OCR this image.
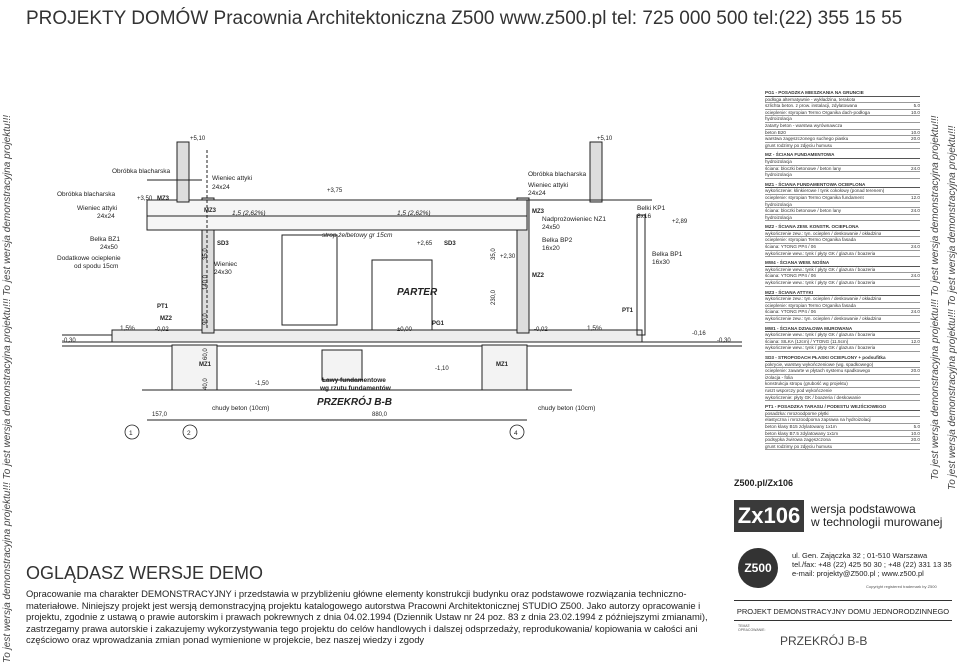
PROJEKTY DOMÓW Pracownia Architektoniczna Z500 www.z500.pl tel: 725 000 500 tel:(22) 355 15 55
To jest wersja demonstracyjna projektu!!! To jest wersja demonstracyjna projektu!!! To jest wersja demonstracyjna projektu!!!	To jest wersja demonstracyjna projektu!!! To jest wersja demonstracyjna projektu!!! To jest wersja demonstracyjna projektu!!! To jest wersja demonstracyjna projektu!!!
1	2	4
Obróbka blacharska
Obróbka blacharska
Obróbka blacharska
Wieniec attyki
24x24
Wieniec attyki
24x24	Wieniec attyki
24x24
Wieniec
24x30
Belka BZ1
24x50
Belka BP2
16x20
Belki KP1
8x16
Belka BP1
16x30
Dodatkowe ocieplenie
od spodu 15cm
Nadprożowieniec NZ1
24x50
strop żelbetowy gr 15cm
Ławy fundamentowe
wg rzutu fundamentów
chudy beton (10cm)	chudy beton (10cm)
1,5 (2,62%)	1,5 (2,62%)
1,5%	1,5%
PARTER
PRZEKRÓJ B-B
MZ3
MZ3
SD3
PT1
MZ2
MZ1
PG1
MZ3
MZ2
MZ1
PT1
SD3
+5,10	+5,10
+3,75
+3,50
+2,89
+2,65
+2,30
±0,00
-0,02	-0,02
-0,16
-0,30	-0,30
-1,10
-1,50
157,0	880,0
140,0
90,0
35,0
230,0
35,0
60,0
40,0
PG1 - POSADZKA MIESZKANIA NA GRUNCIE
podłoga alternatywnie - wykładzina, terakota
szlichta beton. z prow. instalacji, zdylatowana	5.0
ocieplenie: styropian Termo Organika dach-podłoga	10.0
hydroizolacja
zatarty beton - warstwa wyrównawcza
beton B20	10.0
warstwa zagęszczonego suchego piasku	20.0
grunt rodzimy po zdjęciu humusu
MZ - ŚCIANA FUNDAMENTOWA
hydroizolacja
ściana: bloczki betonowe / beton lany	24.0
hydroizolacja
MZ1 - ŚCIANA FUNDAMENTOWA OCIEPLONA
wykończenie: klinkierowe / tynk cokołowy (ponad terenem)
ocieplenie: styropian Termo Organika fundament	12.0
hydroizolacja
ściana: bloczki betonowe / beton lany	24.0
hydroizolacja
MZ2 - ŚCIANA ZEW. KONSTR. OCIEPLONA
wykończenie zew.: tyn. ocieplen / deskowanie / okładzina
ocieplenie: styropian Termo Organika fasada
ściana: YTONG PP4 / 06	24.0
wykończenie wew.: tynk / płyty GK / glazura / boazeria
MW4 - ŚCIANA WEW. NOŚNA
wykończenie wew.: tynk / płyty GK / glazura / boazeria
ściana: YTONG PP4 / 06	24.0
wykończenie wew.: tynk / płyty GK / glazura / boazeria
MZ3 - ŚCIANA ATTYKI
wykończenie zew.: tyn. ocieplen / deskowanie / okładzina
ocieplenie: styropian Termo Organika fasada
ściana: YTONG PP4 / 06	24.0
wykończenie zew.: tyn. ocieplen / deskowanie / okładzina
MW1 - ŚCIANA DZIAŁOWA MUROWANA
wykończenie wew.: tynk / płyty GK / glazura / boazeria
ściana: SILKA (12cm) / YTONG (11.5cm)	12.0
wykończenie wew.: tynk / płyty GK / glazura / boazeria
SD3 - STROPODACH PŁASKI OCIEPLONY + podsufitka
pokrycie, warstwy wykończeniowe (wg. spadkowego)
ocieplenie: zawarte w płytach systemu spadkowego	20.0
izolacja - folia
konstrukcja stropu (grubość wg projektu)
ruszt wsporczy pod wykończenie
wykończenie: płyty GK / boazeria / deskowanie
PT1 - POSADZKA TARASU / PODESTU WEJŚCIOWEGO
posadzka: mrozoodporne płytki
elastyczna i mrozoodporna zaprawa na hydroizolacji
beton klasy B15 zdylatowany 1x1m	5.0
beton klasy B7.5 zdylatowany 1x1m	10.0
podsypka żwirowa zagęszczona	20.0
grunt rodzimy po zdjęciu humusu
Z500.pl/Zx106
Zx106 wersja podstawowa
w technologii murowanej
Z500
ul. Gen. Zajączka 32 ; 01-510 Warszawa
tel./fax: +48 (22) 425 50 30 ; +48 (22) 331 13 35
e-mail: projekty@Z500.pl ; www.z500.pl
Copyright registered trademark by Z500
PROJEKT DEMONSTRACYJNY DOMU JEDNORODZINNEGO
TEMAT:
OPRACOWANIE:
PRZEKRÓJ B-B
OGLĄDASZ WERSJE DEMO
Opracowanie ma charakter DEMONSTRACYJNY i przedstawia w przybliżeniu główne elementy konstrukcji budynku oraz podstawowe rozwiązania techniczno-materiałowe. Niniejszy projekt jest wersją demonstracyjną projektu katalogowego autorstwa Pracowni Architektonicznej STUDIO Z500. Jako autorzy opracowanie i projektu, zgodnie z ustawą o prawie autorskim i prawach pokrewnych z dnia 04.02.1994 (Dziennik Ustaw nr 24 poz. 83 z dnia 23.02.1994 z późniejszymi zmianami), zastrzegamy prawa autorskie i zakazujemy wykorzystywania tego projektu do celów handlowych i dalszej odsprzedaży, reprodukowania/ kopiowania w całości ani częściowo oraz wprowadzania zmian ponad wymienione w projekcie, bez naszej wiedzy i zgody
